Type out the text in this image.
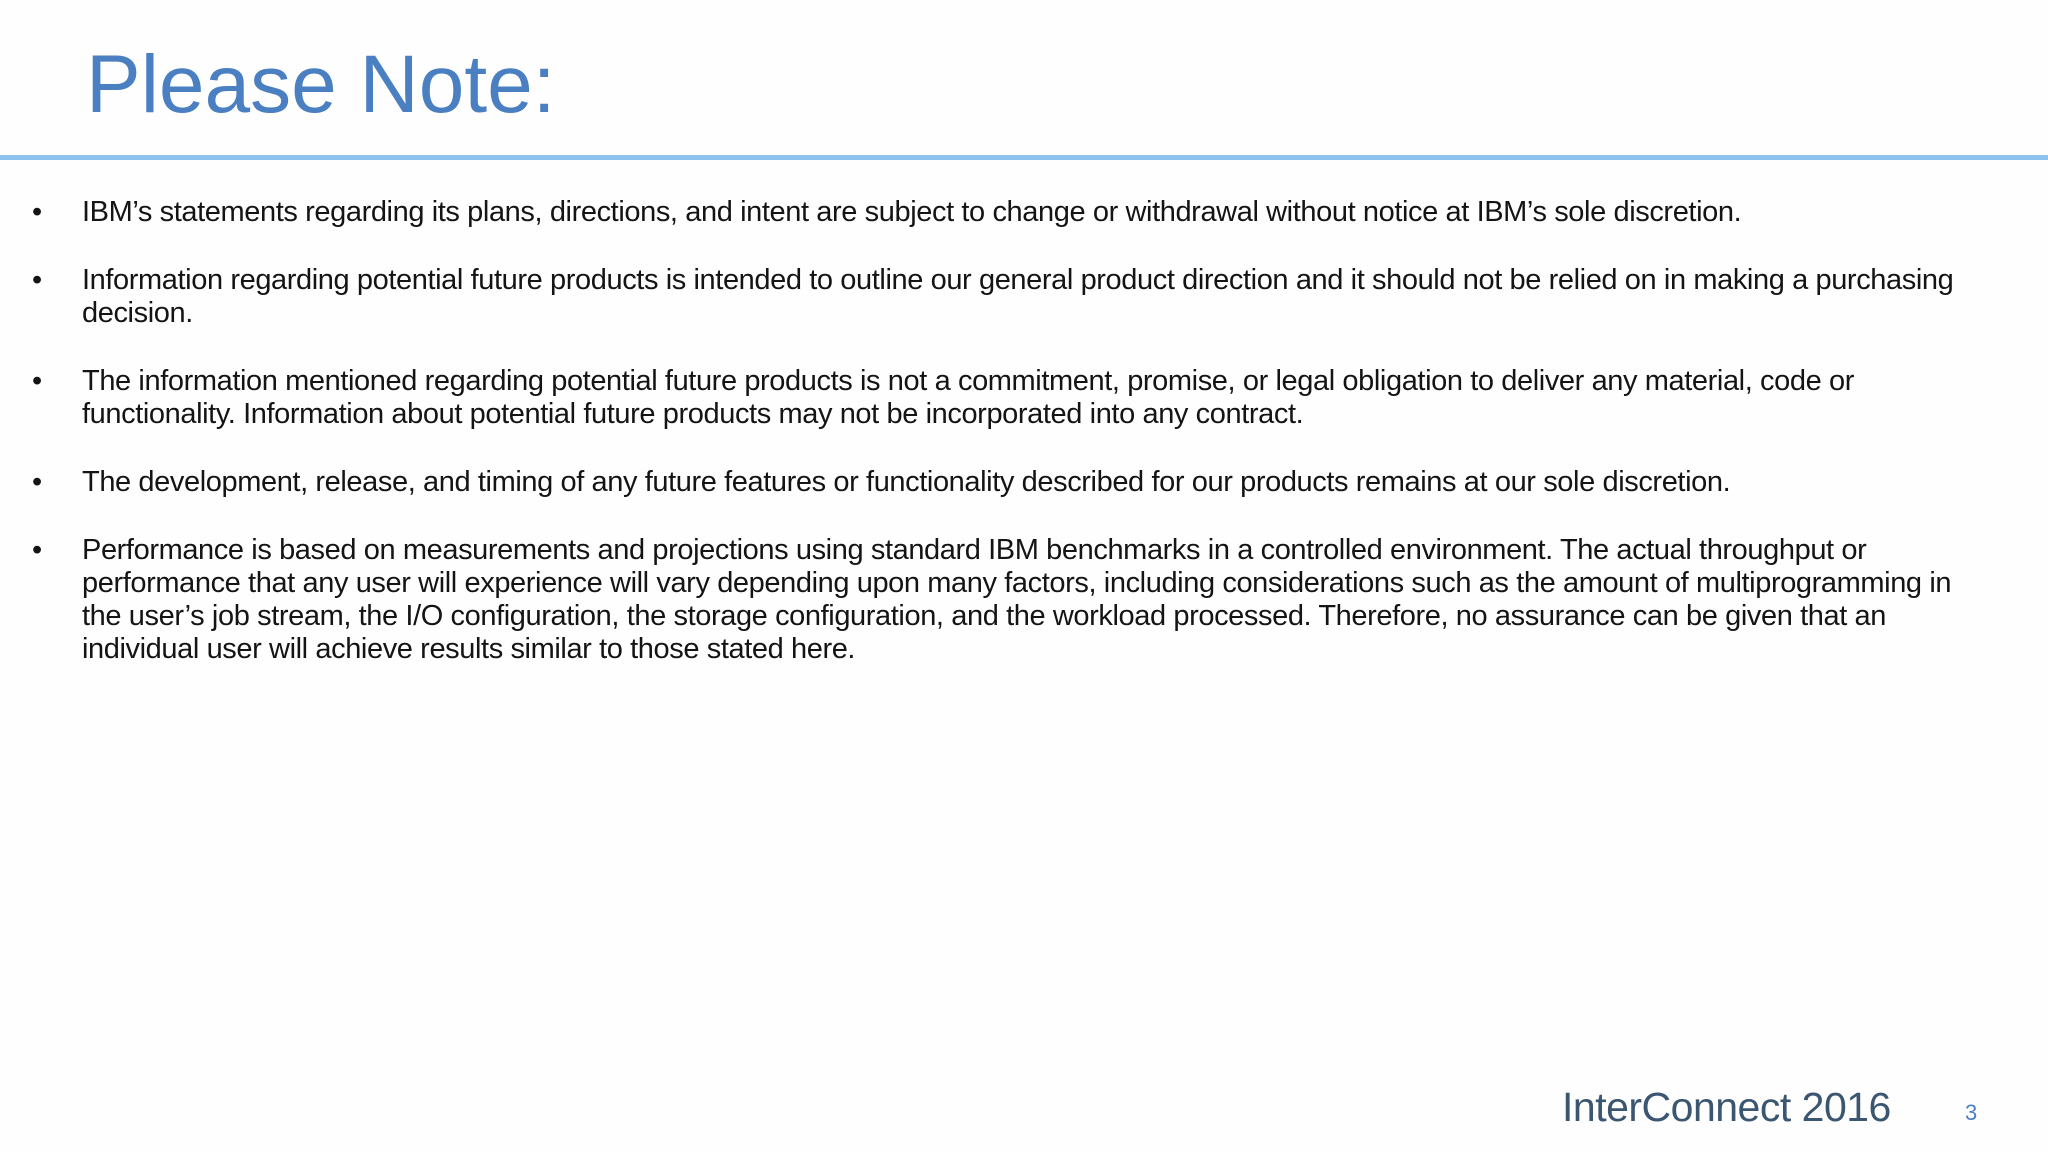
Please Note:
• IBM’s statements regarding its plans, directions, and intent are subject to change or withdrawal without notice at IBM’s sole discretion.
• Information regarding potential future products is intended to outline our general product direction and it should not be relied on in making a purchasing decision.
• The information mentioned regarding potential future products is not a commitment, promise, or legal obligation to deliver any material, code or functionality. Information about potential future products may not be incorporated into any contract.
• The development, release, and timing of any future features or functionality described for our products remains at our sole discretion.
• Performance is based on measurements and projections using standard IBM benchmarks in a controlled environment. The actual throughput or performance that any user will experience will vary depending upon many factors, including considerations such as the amount of multiprogramming in the user’s job stream, the I/O configuration, the storage configuration, and the workload processed. Therefore, no assurance can be given that an individual user will achieve results similar to those stated here.
InterConnect 2016	3
